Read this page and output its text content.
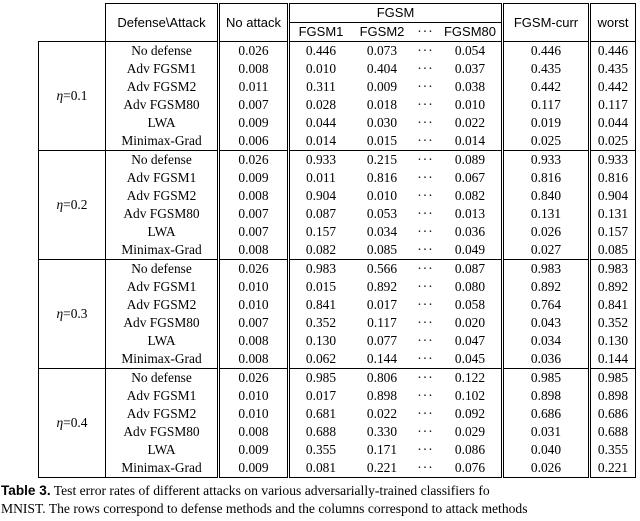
	Defense\Attack	No attack	FGSM				FGSM-curr	worst
			FGSM1	FGSM2	···	FGSM80		
η=0.1	No defense	0.026	0.446	0.073	···	0.054	0.446	0.446
	Adv FGSM1	0.008	0.010	0.404	···	0.037	0.435	0.435
	Adv FGSM2	0.011	0.311	0.009	···	0.038	0.442	0.442
	Adv FGSM80	0.007	0.028	0.018	···	0.010	0.117	0.117
	LWA	0.009	0.044	0.030	···	0.022	0.019	0.044
	Minimax-Grad	0.006	0.014	0.015	···	0.014	0.025	0.025
η=0.2	No defense	0.026	0.933	0.215	···	0.089	0.933	0.933
	Adv FGSM1	0.009	0.011	0.816	···	0.067	0.816	0.816
	Adv FGSM2	0.008	0.904	0.010	···	0.082	0.840	0.904
	Adv FGSM80	0.007	0.087	0.053	···	0.013	0.131	0.131
	LWA	0.007	0.157	0.034	···	0.036	0.026	0.157
	Minimax-Grad	0.008	0.082	0.085	···	0.049	0.027	0.085
η=0.3	No defense	0.026	0.983	0.566	···	0.087	0.983	0.983
	Adv FGSM1	0.010	0.015	0.892	···	0.080	0.892	0.892
	Adv FGSM2	0.010	0.841	0.017	···	0.058	0.764	0.841
	Adv FGSM80	0.007	0.352	0.117	···	0.020	0.043	0.352
	LWA	0.008	0.130	0.077	···	0.047	0.034	0.130
	Minimax-Grad	0.008	0.062	0.144	···	0.045	0.036	0.144
η=0.4	No defense	0.026	0.985	0.806	···	0.122	0.985	0.985
	Adv FGSM1	0.010	0.017	0.898	···	0.102	0.898	0.898
	Adv FGSM2	0.010	0.681	0.022	···	0.092	0.686	0.686
	Adv FGSM80	0.008	0.688	0.330	···	0.029	0.031	0.688
	LWA	0.009	0.355	0.171	···	0.086	0.040	0.355
	Minimax-Grad	0.009	0.081	0.221	···	0.076	0.026	0.221
Table 3. Test error rates of different attacks on various adversarially-trained classifiers fo
MNIST. The rows correspond to defense methods and the columns correspond to attack methods
